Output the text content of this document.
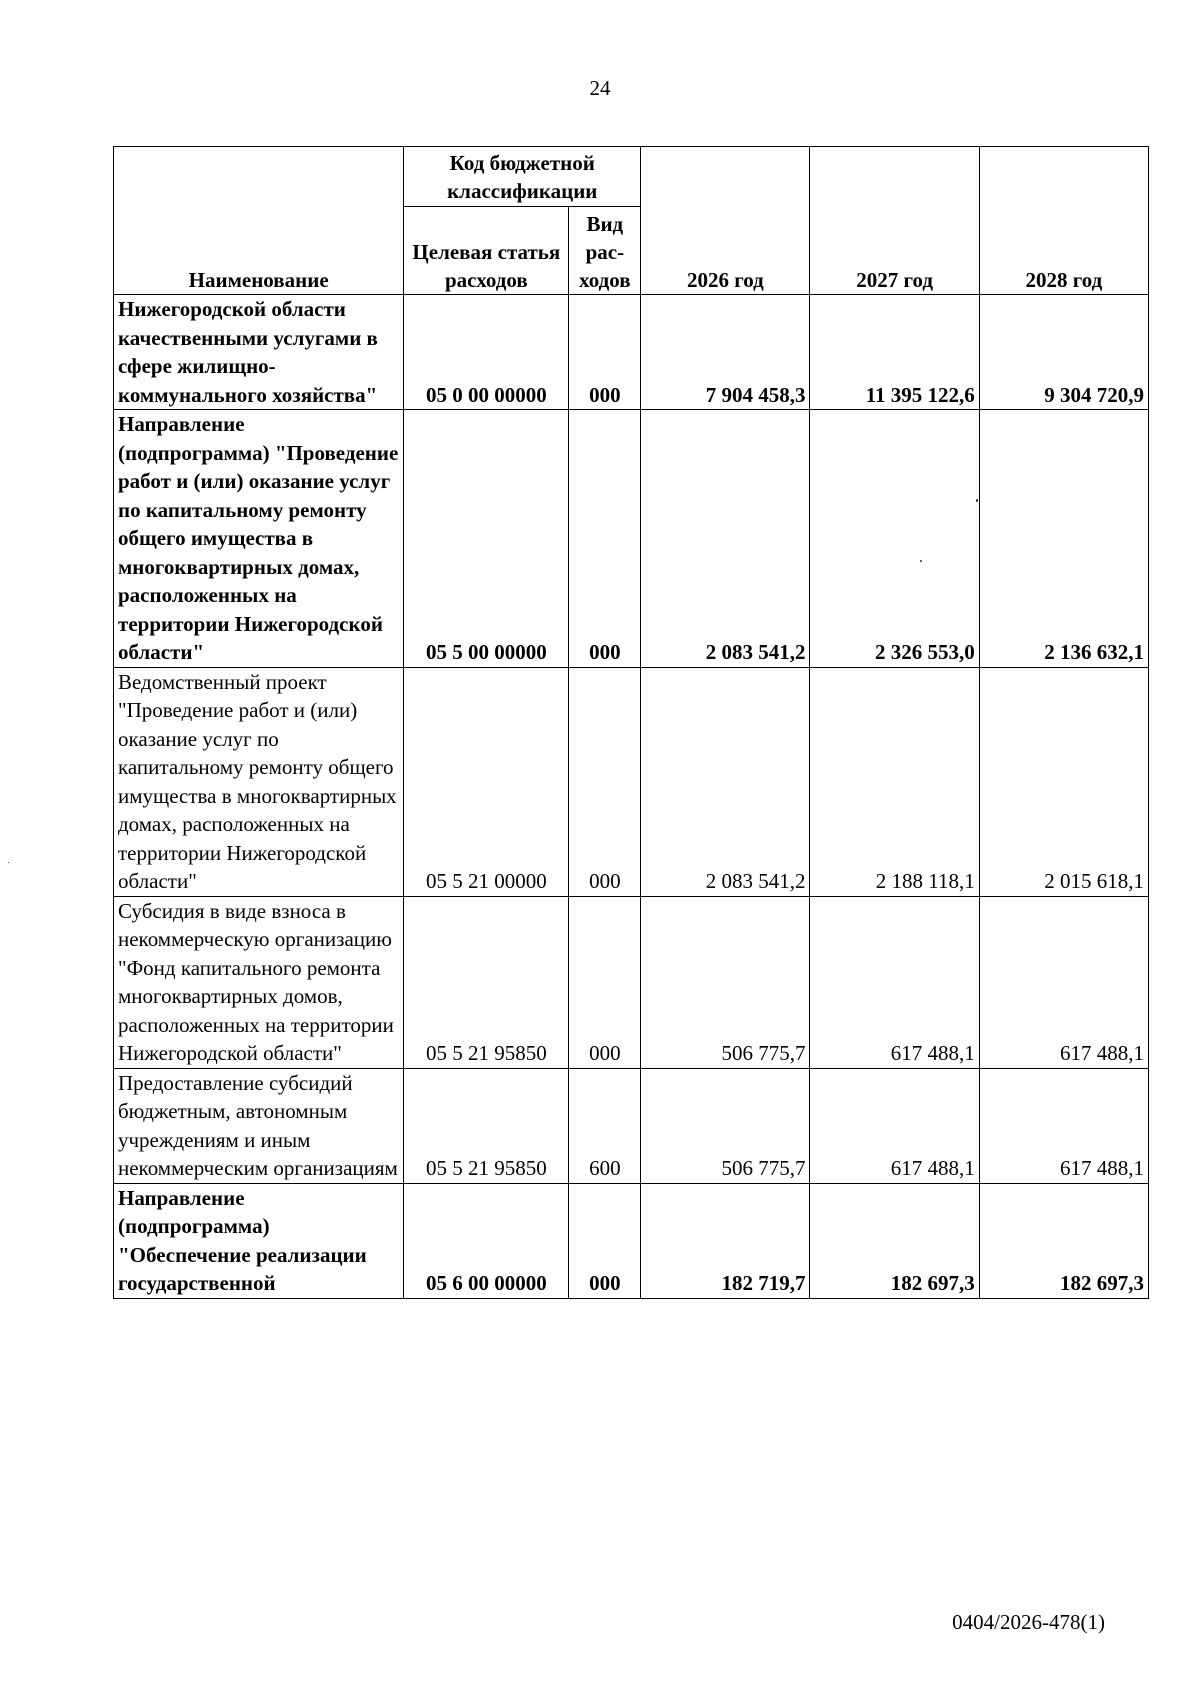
24
Наименование	Код бюджетной классификации		2026 год	2027 год	2028 год
	Целевая статья расходов	Вид рас-ходов			
Нижегородской области качественными услугами в сфере жилищно-коммунального хозяйства"	05 0 00 00000	000	7 904 458,3	11 395 122,6	9 304 720,9
Направление (подпрограмма) "Проведение работ и (или) оказание услуг по капитальному ремонту общего имущества в многоквартирных домах, расположенных на территории Нижегородской области"	05 5 00 00000	000	2 083 541,2	2 326 553,0	2 136 632,1
Ведомственный проект "Проведение работ и (или) оказание услуг по капитальному ремонту общего имущества в многоквартирных домах, расположенных на территории Нижегородской области"	05 5 21 00000	000	2 083 541,2	2 188 118,1	2 015 618,1
Субсидия в виде взноса в некоммерческую организацию "Фонд капитального ремонта многоквартирных домов, расположенных на территории Нижегородской области"	05 5 21 95850	000	506 775,7	617 488,1	617 488,1
Предоставление субсидий бюджетным, автономным учреждениям и иным некоммерческим организациям	05 5 21 95850	600	506 775,7	617 488,1	617 488,1
Направление (подпрограмма) "Обеспечение реализации государственной	05 6 00 00000	000	182 719,7	182 697,3	182 697,3
0404/2026-478(1)
